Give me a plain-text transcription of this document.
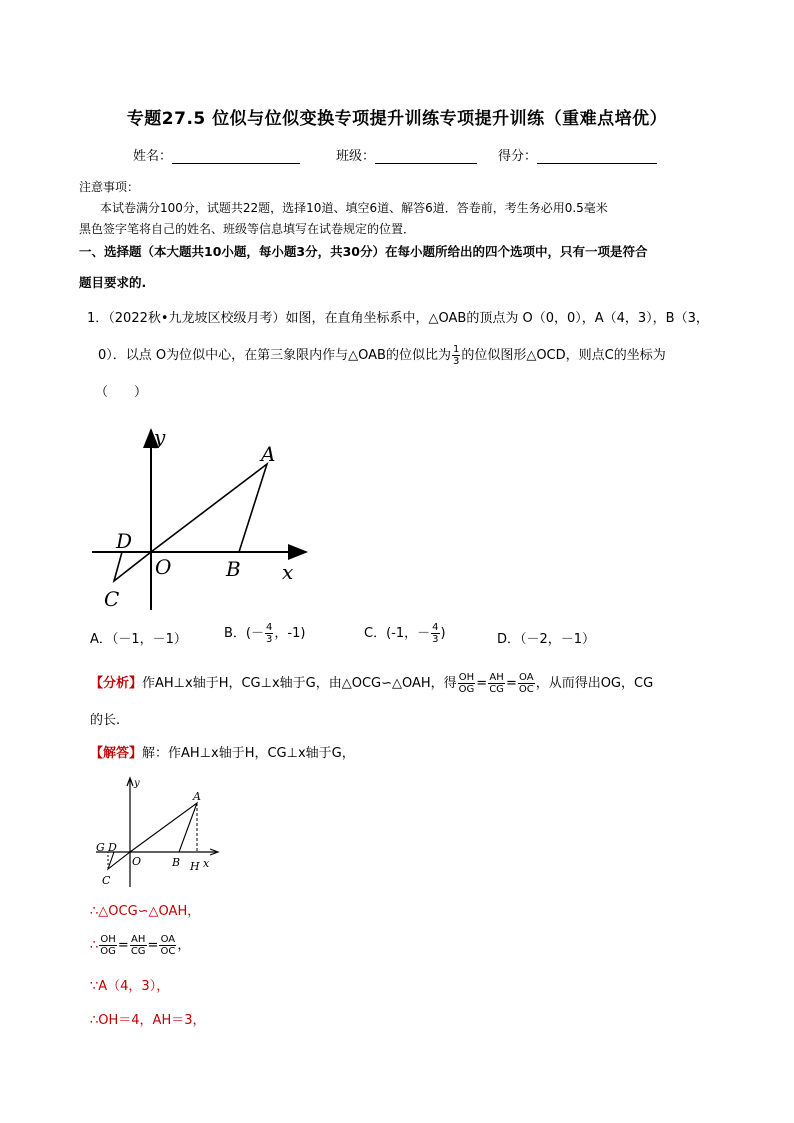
专题27.5 位似与位似变换专项提升训练专项提升训练（重难点培优）
姓名：	班级：	得分：
注意事项：
本试卷满分100分，试题共22题，选择10道、填空6道、解答6道．答卷前，考生务必用0.5毫米
黑色签字笔将自己的姓名、班级等信息填写在试卷规定的位置．
一、选择题（本大题共10小题，每小题3分，共30分）在每小题所给出的四个选项中，只有一项是符合
题目要求的.
1．（2022秋•九龙坡区校级月考）如图，在直角坐标系中，△OAB的顶点为 O（0，0），A（4，3），B（3，
0）．以点 O为位似中心，在第三象限内作与△OAB的位似比为 $\frac{1}{3}$ 的位似图形△OCD，则点C的坐标为
（　　）
y
x
A
B
O
D
C
A．（－1，－1）	B．(－ $\frac{4}{3}$ ，-1)	C．(-1，－ $\frac{4}{3}$ )	D．（－2，－1）
【分析】作AH⊥x轴于H，CG⊥x轴于G，由△OCG∽△OAH，得 $\frac{OH}{OG} = \frac{AH}{CG} = \frac{OA}{OC}$ ，从而得出OG，CG
的长.
【解答】解：作AH⊥x轴于H，CG⊥x轴于G，
y
x
A
B H
O
G D
C
∴△OCG∽△OAH，
∴ $\frac{OH}{OG} = \frac{AH}{CG} = \frac{OA}{OC}$ ，
∵A（4，3），
∴OH＝4，AH＝3，
